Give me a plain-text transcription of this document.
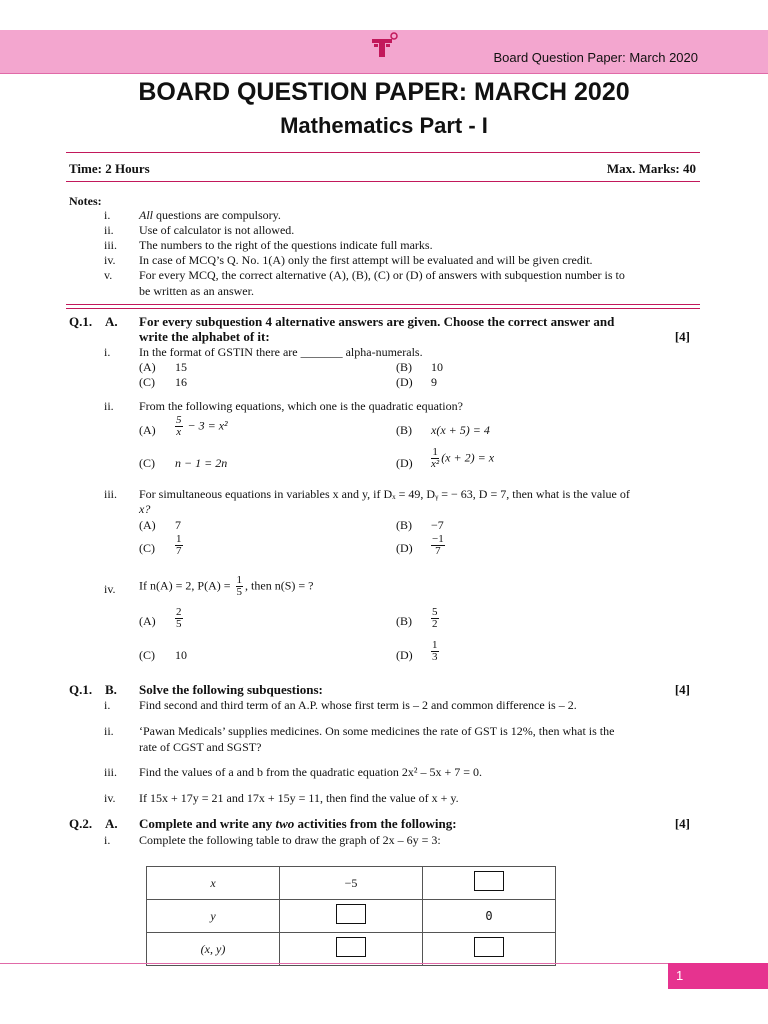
Board Question Paper: March 2020
BOARD QUESTION PAPER: MARCH 2020
Mathematics Part - I
Time: 2 Hours	Max. Marks: 40
Notes:
i. All questions are compulsory.
ii. Use of calculator is not allowed.
iii. The numbers to the right of the questions indicate full marks.
iv. In case of MCQ’s Q. No. 1(A) only the first attempt will be evaluated and will be given credit.
v. For every MCQ, the correct alternative (A), (B), (C) or (D) of answers with subquestion number is to
be written as an answer.
Q.1. A. For every subquestion 4 alternative answers are given. Choose the correct answer and
write the alphabet of it:	[4]
i. In the format of GSTIN there are _______ alpha-numerals.
(A) 15	(B) 10
(C) 16	(D) 9
ii. From the following equations, which one is the quadratic equation?
$(A) \frac{5}{x} - 3 = x^2$	(B) x(x + 5) = 4
(C) n − 1 = 2n	$(D) \frac{1}{\text{x²}} (x + 2) = x$
iii. For simultaneous equations in variables x and y, if Dₓ = 49, Dᵧ = − 63, D = 7, then what is the value of
x?
(A) 7	(B) −7
$(C) \frac{1}{7}$	$(D) \frac{-1}{7}$
iv. If n(A) = 2, $P(A) = \frac{1}{5}$ , then n(S) = ?
$(A) \frac{2}{5}$	$(B) \frac{5}{2}$
(C) 10	$(D) \frac{1}{3}$
Q.1. B. Solve the following subquestions:	[4]
i. Find second and third term of an A.P. whose first term is – 2 and common difference is – 2.
ii. ‘Pawan Medicals’ supplies medicines. On some medicines the rate of GST is 12%, then what is the
rate of CGST and SGST?
iii. Find the values of a and b from the quadratic equation 2x² – 5x + 7 = 0.
iv. If 15x + 17y = 21 and 17x + 15y = 11, then find the value of x + y.
Q.2. A. Complete and write any two activities from the following:	[4]
i. Complete the following table to draw the graph of 2x – 6y = 3:
x	−5	
y		0
(x, y)		
1
